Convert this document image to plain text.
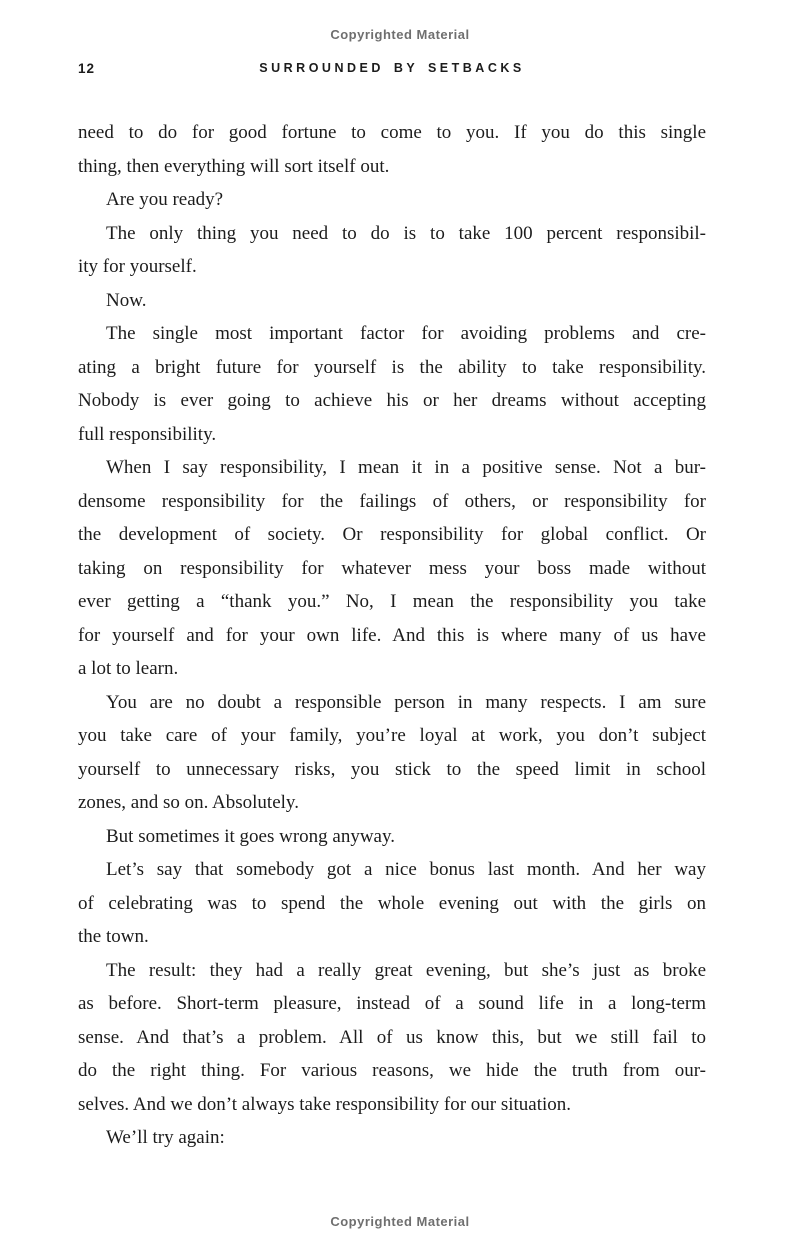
Copyrighted Material
12	SURROUNDED BY SETBACKS
need to do for good fortune to come to you. If you do this single
thing, then everything will sort itself out.
Are you ready?
The only thing you need to do is to take 100 percent responsibil-
ity for yourself.
Now.
The single most important factor for avoiding problems and cre-
ating a bright future for yourself is the ability to take responsibility.
Nobody is ever going to achieve his or her dreams without accepting
full responsibility.
When I say responsibility, I mean it in a positive sense. Not a bur-
densome responsibility for the failings of others, or responsibility for
the development of society. Or responsibility for global conflict. Or
taking on responsibility for whatever mess your boss made without
ever getting a “thank you.” No, I mean the responsibility you take
for yourself and for your own life. And this is where many of us have
a lot to learn.
You are no doubt a responsible person in many respects. I am sure
you take care of your family, you’re loyal at work, you don’t subject
yourself to unnecessary risks, you stick to the speed limit in school
zones, and so on. Absolutely.
But sometimes it goes wrong anyway.
Let’s say that somebody got a nice bonus last month. And her way
of celebrating was to spend the whole evening out with the girls on
the town.
The result: they had a really great evening, but she’s just as broke
as before. Short-term pleasure, instead of a sound life in a long-term
sense. And that’s a problem. All of us know this, but we still fail to
do the right thing. For various reasons, we hide the truth from our-
selves. And we don’t always take responsibility for our situation.
We’ll try again:
Copyrighted Material
